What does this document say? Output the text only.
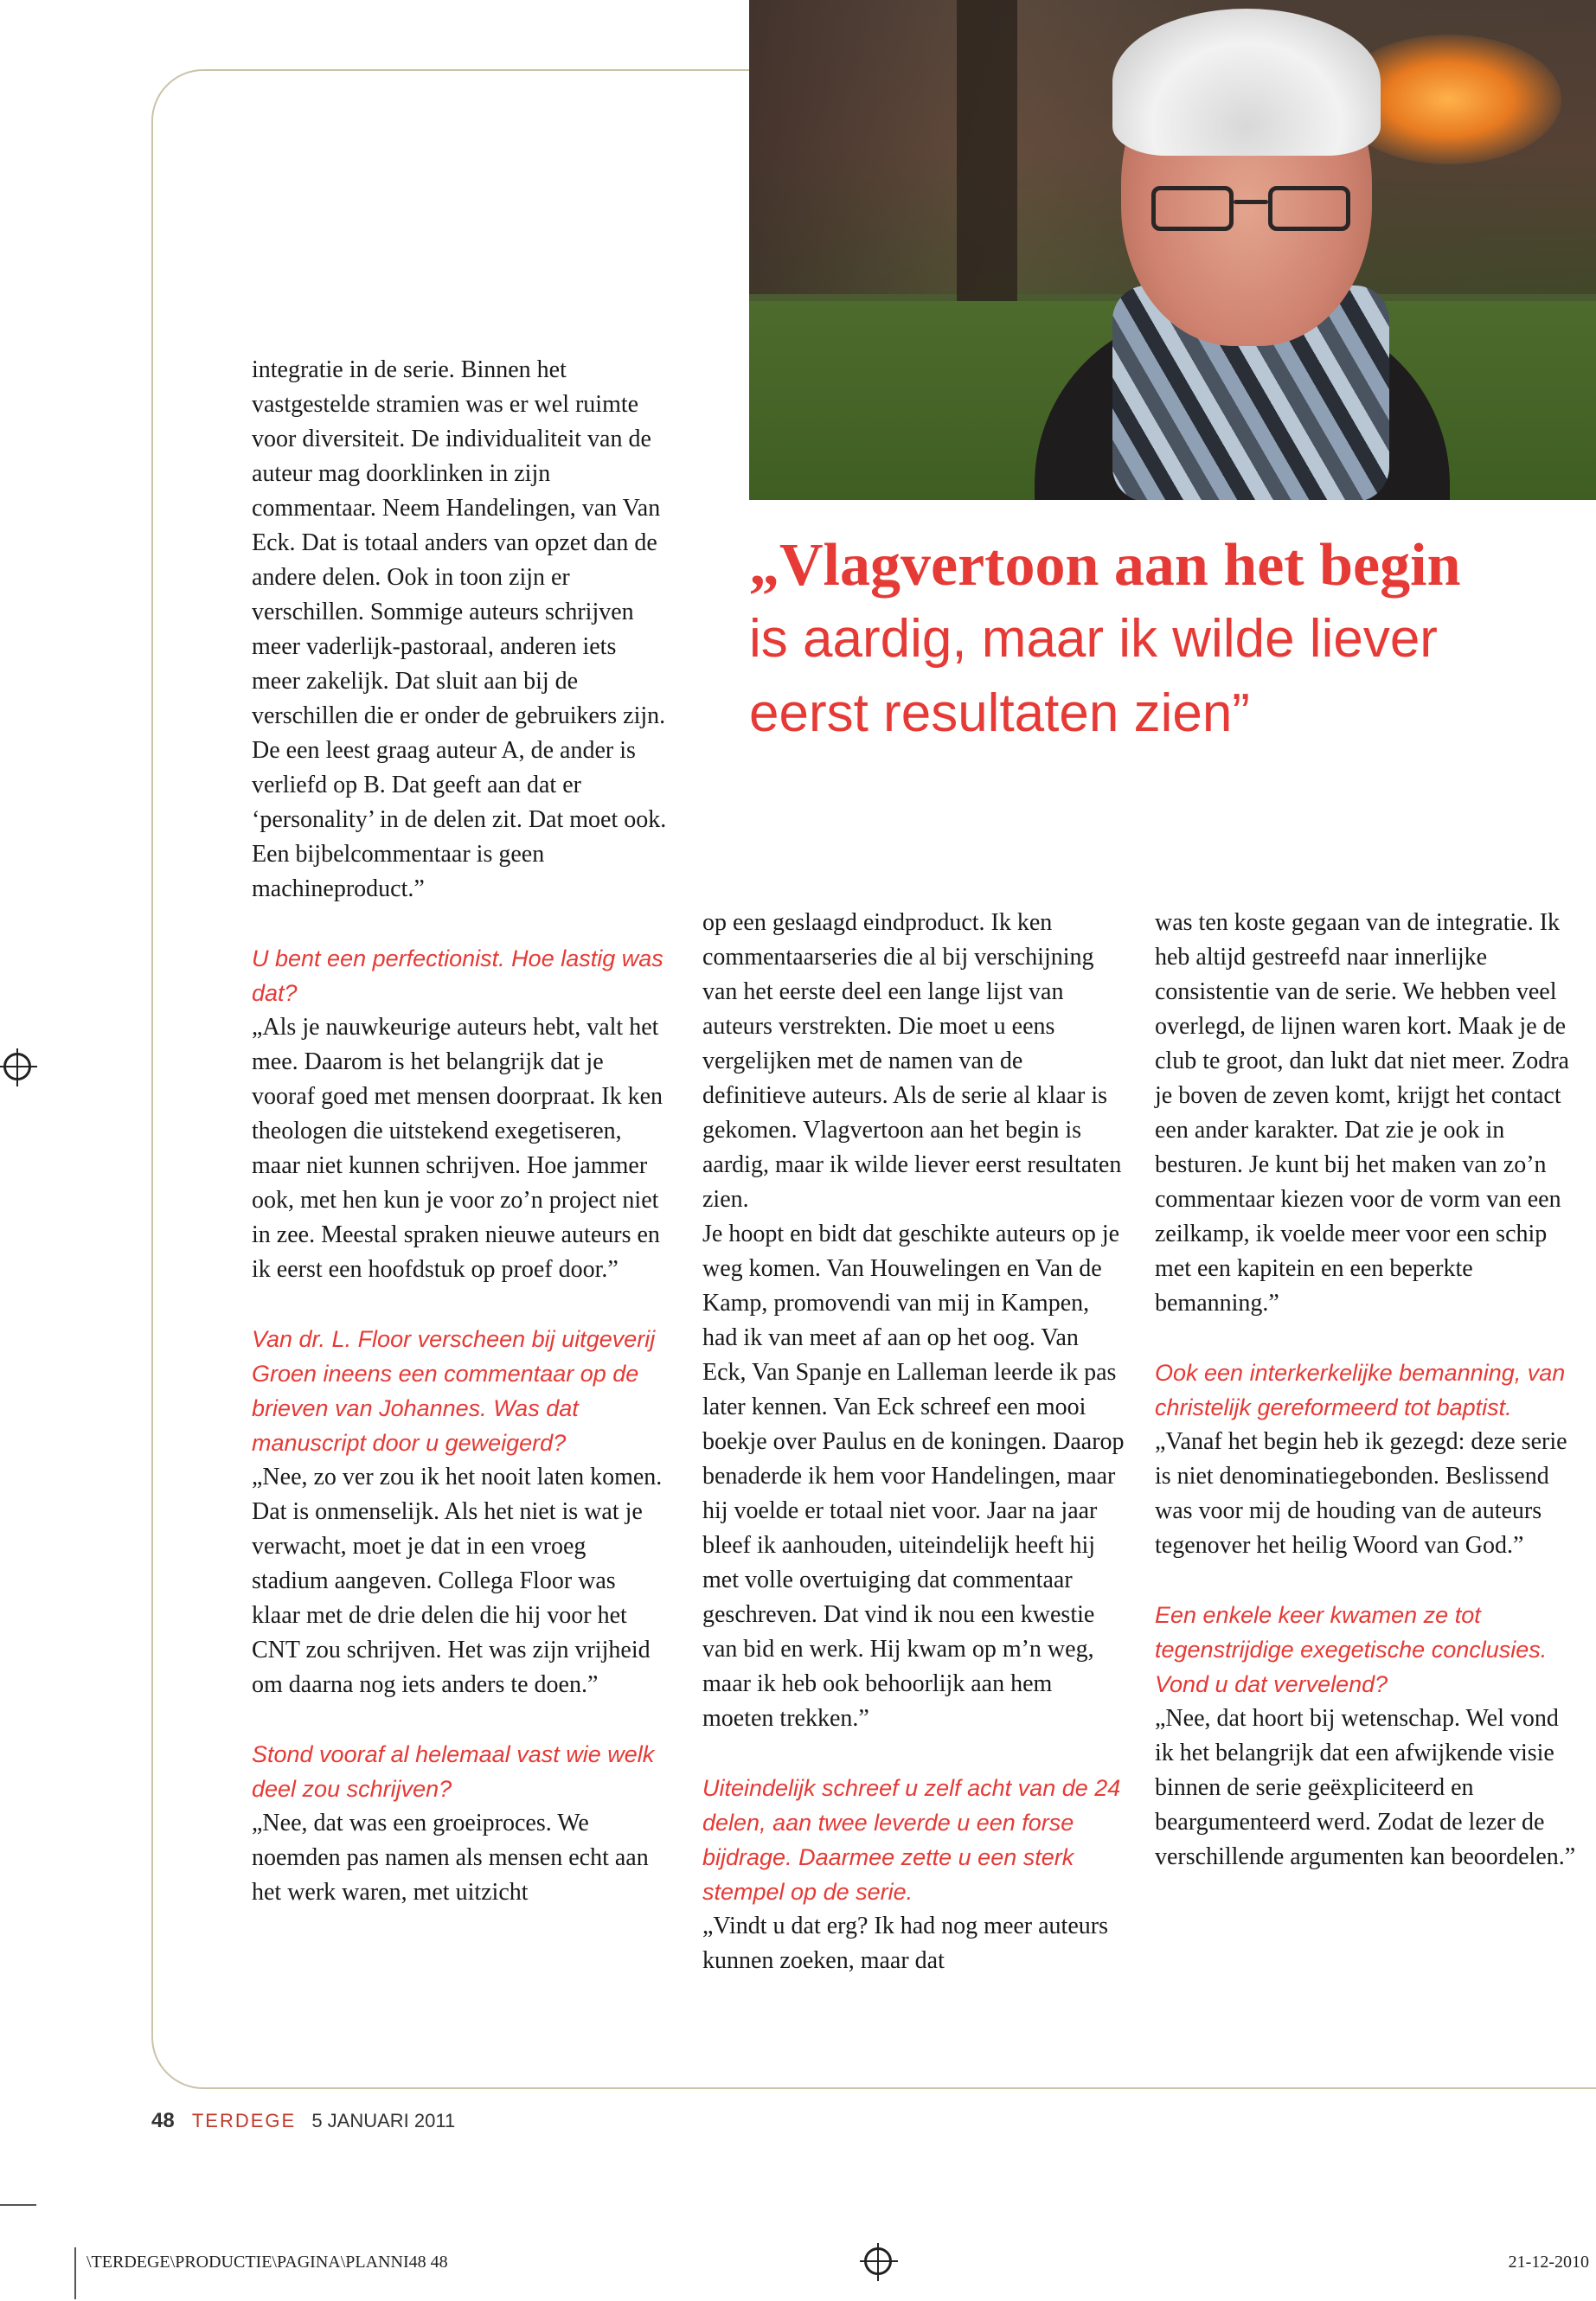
„Vlagvertoon aan het begin
is aardig, maar ik wilde liever
eerst resultaten zien”

integratie in de serie. Binnen het vastgestelde stramien was er wel ruimte voor diversiteit. De individualiteit van de auteur mag doorklinken in zijn commentaar. Neem Handelingen, van Van Eck. Dat is totaal anders van opzet dan de andere delen. Ook in toon zijn er verschillen. Sommige auteurs schrijven meer vaderlijk-pastoraal, anderen iets meer zakelijk. Dat sluit aan bij de verschillen die er onder de gebruikers zijn. De een leest graag auteur A, de ander is verliefd op B. Dat geeft aan dat er ‘personality’ in de delen zit. Dat moet ook. Een bijbelcommentaar is geen machineproduct.”

U bent een perfectionist. Hoe lastig was dat?

„Als je nauwkeurige auteurs hebt, valt het mee. Daarom is het belangrijk dat je vooraf goed met mensen doorpraat. Ik ken theologen die uitstekend exegetiseren, maar niet kunnen schrijven. Hoe jammer ook, met hen kun je voor zo’n project niet in zee. Meestal spraken nieuwe auteurs en ik eerst een hoofdstuk op proef door.”

Van dr. L. Floor verscheen bij uitgeverij Groen ineens een commentaar op de brieven van Johannes. Was dat manuscript door u geweigerd?

„Nee, zo ver zou ik het nooit laten komen. Dat is onmenselijk. Als het niet is wat je verwacht, moet je dat in een vroeg stadium aangeven. Collega Floor was klaar met de drie delen die hij voor het CNT zou schrijven. Het was zijn vrijheid om daarna nog iets anders te doen.”

Stond vooraf al helemaal vast wie welk deel zou schrijven?

„Nee, dat was een groeiproces. We noemden pas namen als mensen echt aan het werk waren, met uitzicht

op een geslaagd eindproduct. Ik ken commentaarseries die al bij verschijning van het eerste deel een lange lijst van auteurs verstrekten. Die moet u eens vergelijken met de namen van de definitieve auteurs. Als de serie al klaar is gekomen. Vlagvertoon aan het begin is aardig, maar ik wilde liever eerst resultaten zien.

Je hoopt en bidt dat geschikte auteurs op je weg komen. Van Houwelingen en Van de Kamp, promovendi van mij in Kampen, had ik van meet af aan op het oog. Van Eck, Van Spanje en Lalleman leerde ik pas later kennen. Van Eck schreef een mooi boekje over Paulus en de koningen. Daarop benaderde ik hem voor Handelingen, maar hij voelde er totaal niet voor. Jaar na jaar bleef ik aanhouden, uiteindelijk heeft hij met volle overtuiging dat commentaar geschreven. Dat vind ik nou een kwestie van bid en werk. Hij kwam op m’n weg, maar ik heb ook behoorlijk aan hem moeten trekken.”

Uiteindelijk schreef u zelf acht van de 24 delen, aan twee leverde u een forse bijdrage. Daarmee zette u een sterk stempel op de serie.

„Vindt u dat erg? Ik had nog meer auteurs kunnen zoeken, maar dat

was ten koste gegaan van de integratie. Ik heb altijd gestreefd naar innerlijke consistentie van de serie. We hebben veel overlegd, de lijnen waren kort. Maak je de club te groot, dan lukt dat niet meer. Zodra je boven de zeven komt, krijgt het contact een ander karakter. Dat zie je ook in besturen. Je kunt bij het maken van zo’n commentaar kiezen voor de vorm van een zeilkamp, ik voelde meer voor een schip met een kapitein en een beperkte bemanning.”

Ook een interkerkelijke bemanning, van christelijk gereformeerd tot baptist.

„Vanaf het begin heb ik gezegd: deze serie is niet denominatiegebonden. Beslissend was voor mij de houding van de auteurs tegenover het heilig Woord van God.”

Een enkele keer kwamen ze tot tegenstrijdige exegetische conclusies. Vond u dat vervelend?

„Nee, dat hoort bij wetenschap. Wel vond ik het belangrijk dat een afwijkende visie binnen de serie geëxpliciteerd en beargumenteerd werd. Zodat de lezer de verschillende argumenten kan beoordelen.”

48 TERDEGE 5 JANUARI 2011
\TERDEGE\PRODUCTIE\PAGINA\PLANNI48 48	21-12-2010
